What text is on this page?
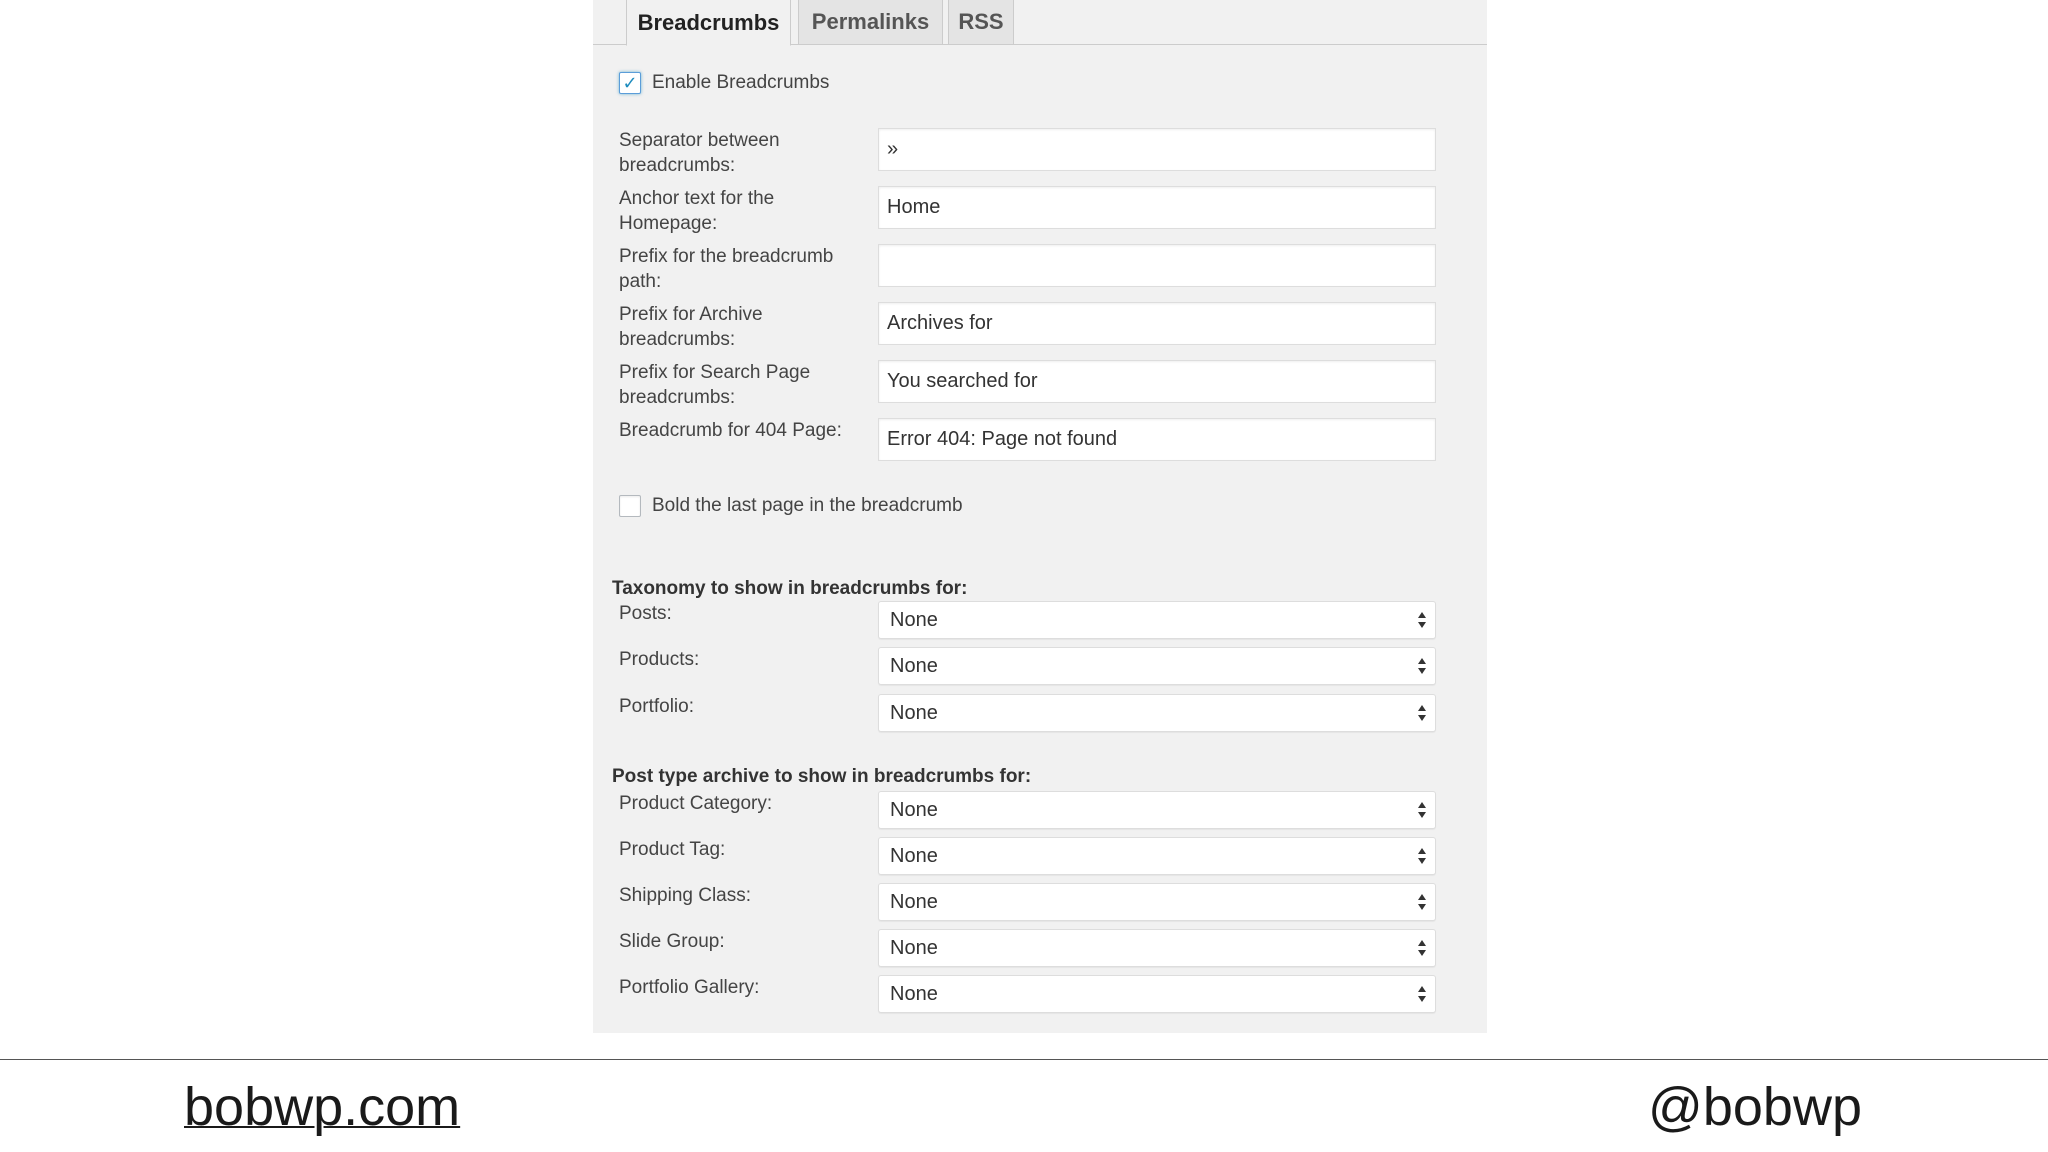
Breadcrumbs	Permalinks	RSS
✓ Enable Breadcrumbs
Separator between breadcrumbs:
»
Anchor text for the Homepage:
Home
Prefix for the breadcrumb path:
Prefix for Archive breadcrumbs:
Archives for
Prefix for Search Page breadcrumbs:
You searched for
Breadcrumb for 404 Page:
Error 404: Page not found
Bold the last page in the breadcrumb
Taxonomy to show in breadcrumbs for:
Posts:	None
Products:	None
Portfolio:	None
Post type archive to show in breadcrumbs for:
Product Category:	None
Product Tag:	None
Shipping Class:	None
Slide Group:	None
Portfolio Gallery:	None
bobwp.com	@bobwp
